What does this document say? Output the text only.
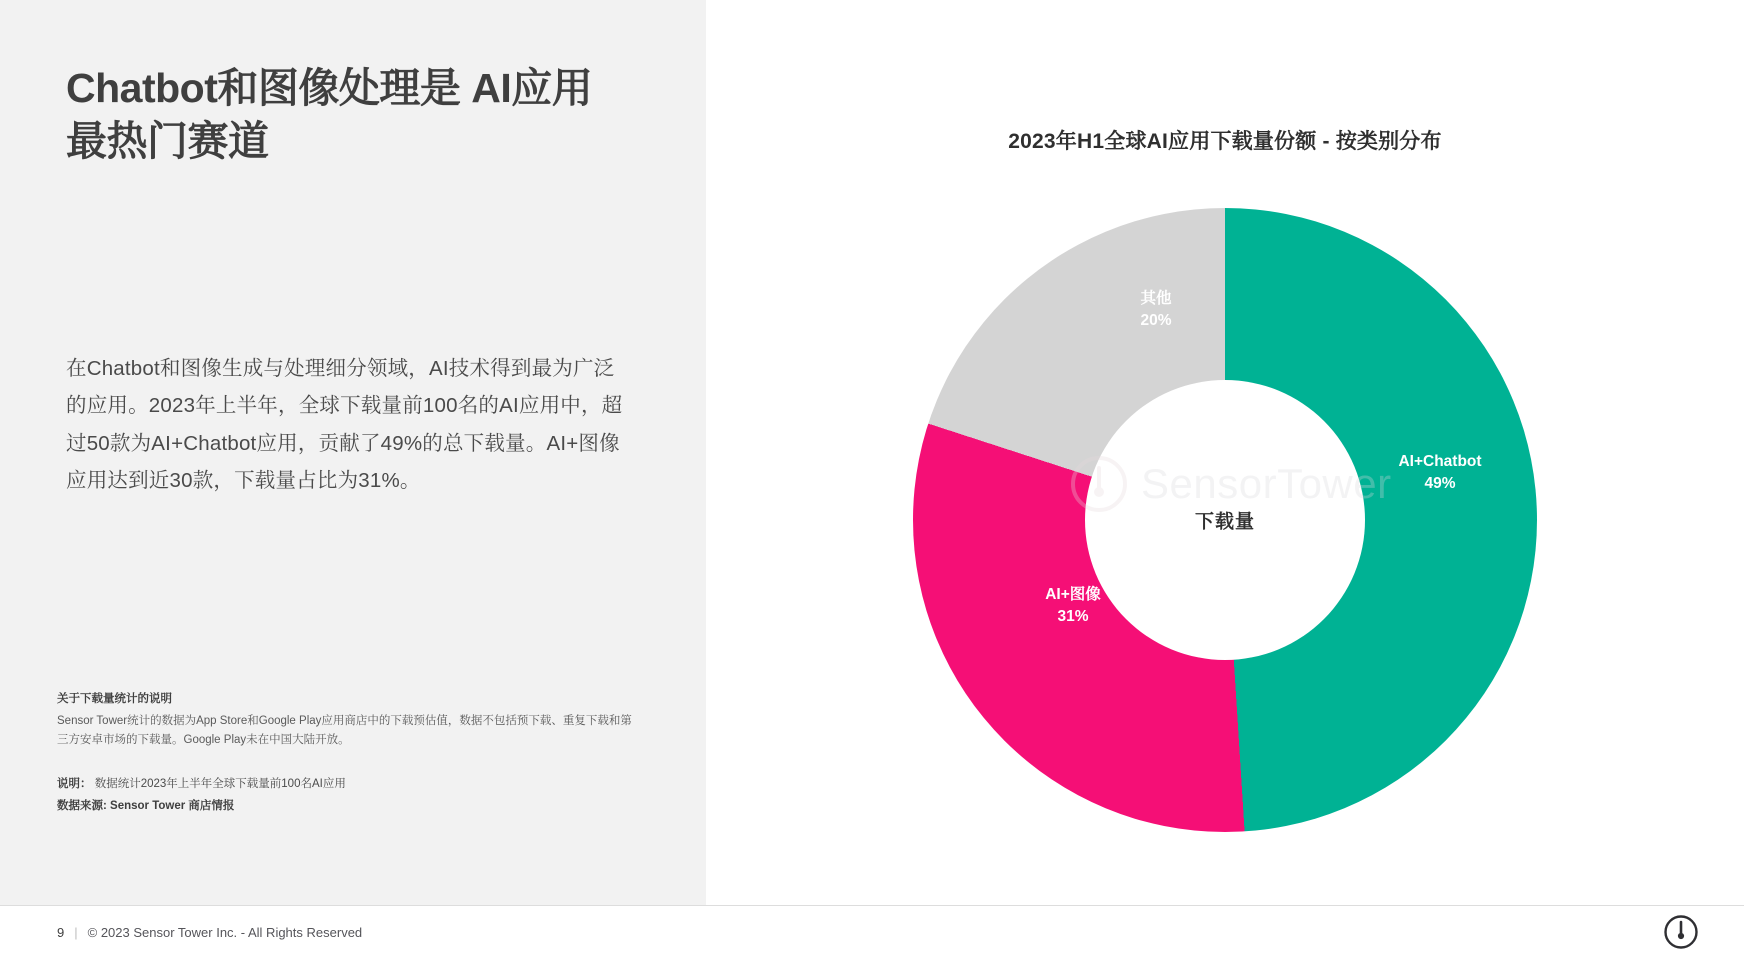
Chatbot和图像处理是 AI应用最热门赛道
在Chatbot和图像生成与处理细分领域，AI技术得到最为广泛的应用。2023年上半年，全球下载量前100名的AI应用中，超过50款为AI+Chatbot应用，贡献了49%的总下载量。AI+图像应用达到近30款，下载量占比为31%。
关于下载量统计的说明
Sensor Tower统计的数据为App Store和Google Play应用商店中的下载预估值，数据不包括预下载、重复下载和第三方安卓市场的下载量。Google Play未在中国大陆开放。
说明： 数据统计2023年上半年全球下载量前100名AI应用
数据来源: Sensor Tower 商店情报
2023年H1全球AI应用下载量份额 - 按类别分布
SensorTower
下载量
AI+Chatbot
49%
AI+图像
31%
其他
20%
9 | © 2023 Sensor Tower Inc. - All Rights Reserved
